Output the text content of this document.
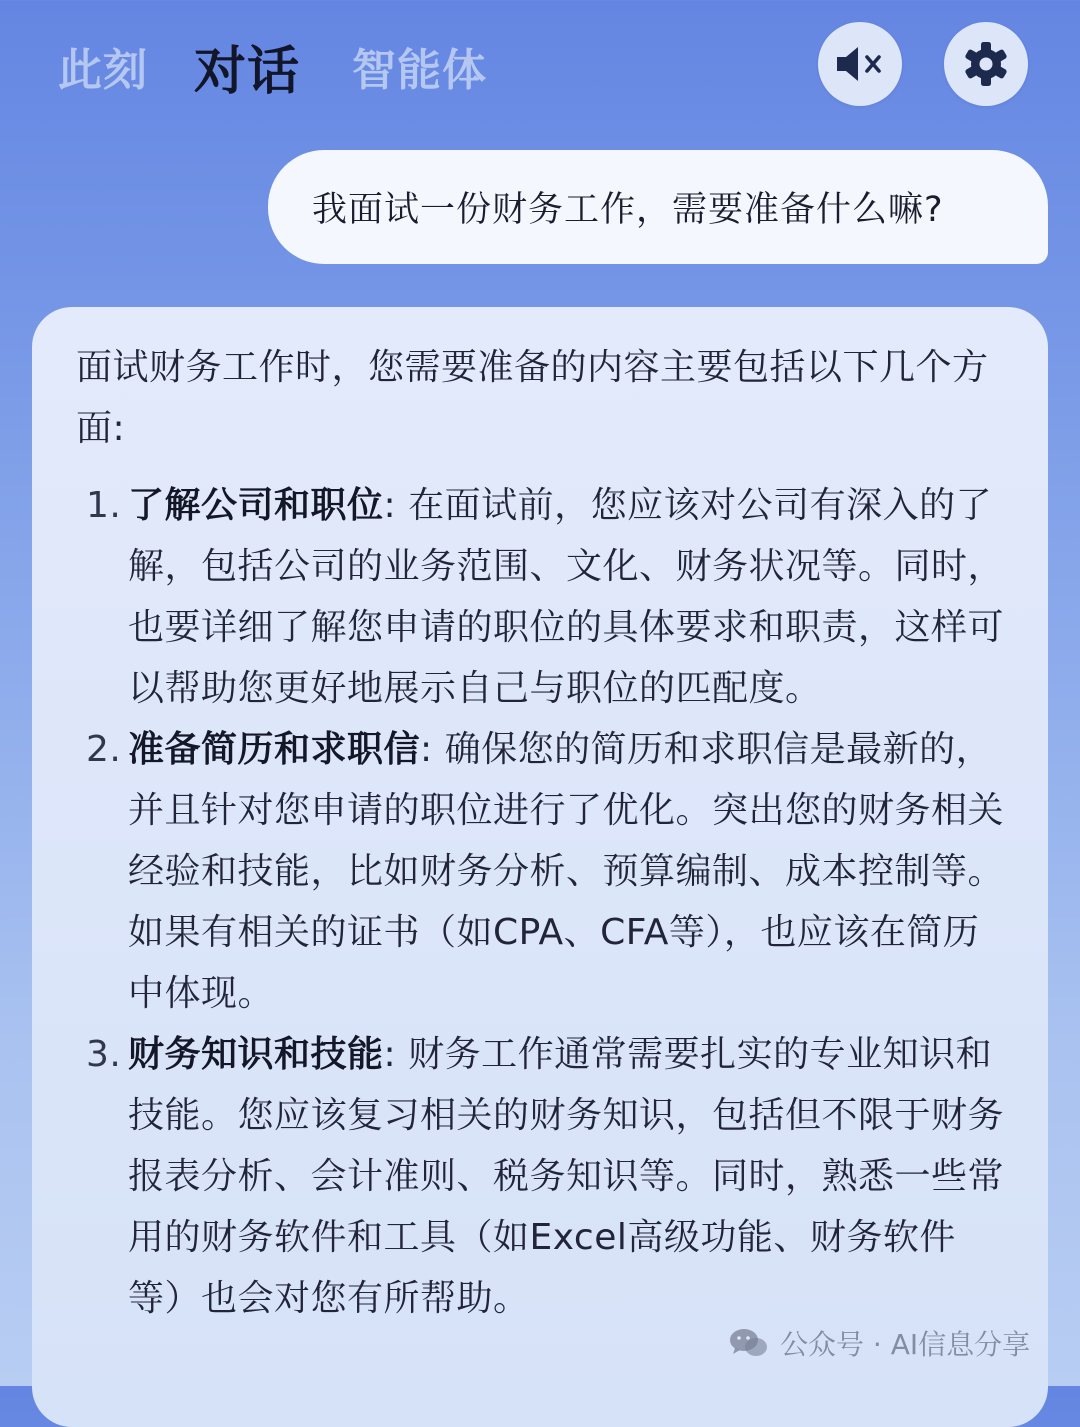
此刻 对话 智能体
我面试一份财务工作，需要准备什么嘛?

面试财务工作时，您需要准备的内容主要包括以下几个方面:

1. 了解公司和职位: 在面试前，您应该对公司有深入的了解，包括公司的业务范围、文化、财务状况等。同时，也要详细了解您申请的职位的具体要求和职责，这样可以帮助您更好地展示自己与职位的匹配度。
2. 准备简历和求职信: 确保您的简历和求职信是最新的，并且针对您申请的职位进行了优化。突出您的财务相关经验和技能，比如财务分析、预算编制、成本控制等。如果有相关的证书（如CPA、CFA等），也应该在简历中体现。
3. 财务知识和技能: 财务工作通常需要扎实的专业知识和技能。您应该复习相关的财务知识，包括但不限于财务报表分析、会计准则、税务知识等。同时，熟悉一些常用的财务软件和工具（如Excel高级功能、财务软件等）也会对您有所帮助。
公众号 · AI信息分享
